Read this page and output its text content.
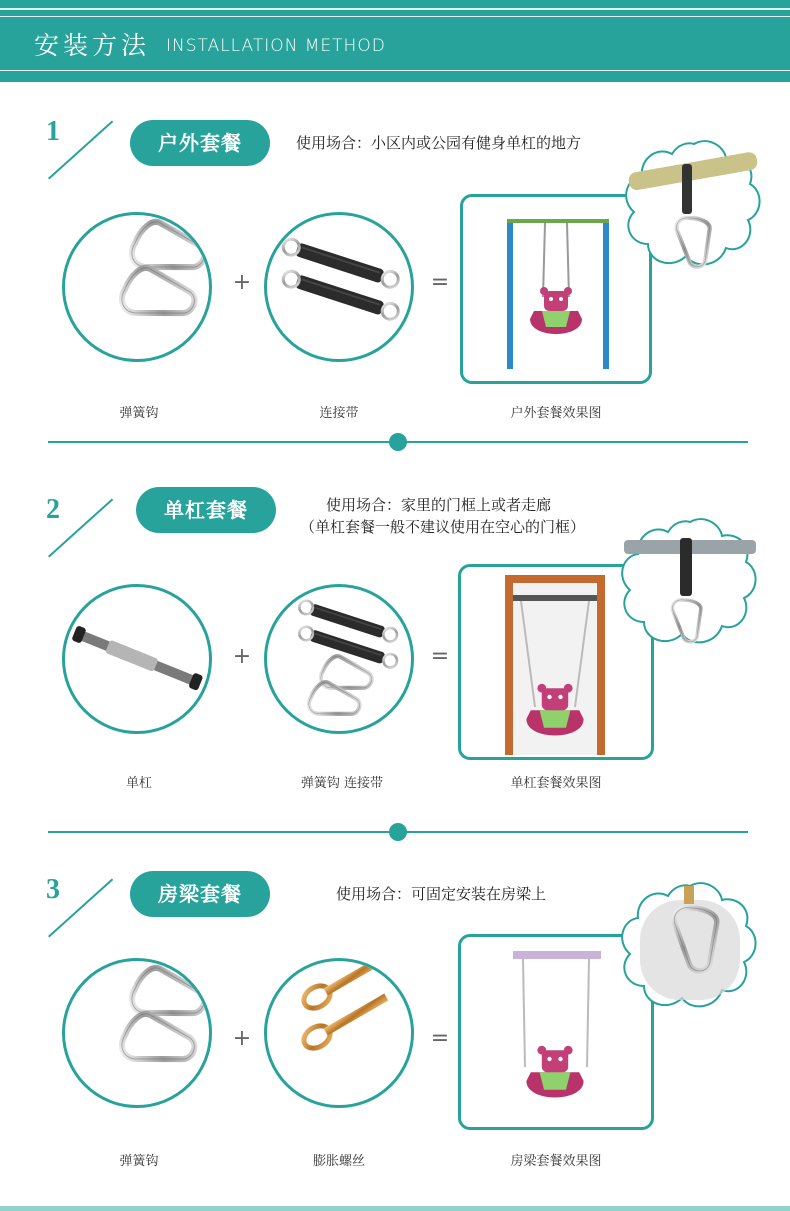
安装方法 INSTALLATION METHOD
1	户外套餐	使用场合：小区内或公园有健身单杠的地方
+	=
弹簧钩	连接带	户外套餐效果图
2	单杠套餐	使用场合：家里的门框上或者走廊
（单杠套餐一般不建议使用在空心的门框）
+	=
单杠	弹簧钩 连接带	单杠套餐效果图
3	房梁套餐	使用场合：可固定安装在房梁上
+	=
弹簧钩	膨胀螺丝	房梁套餐效果图
